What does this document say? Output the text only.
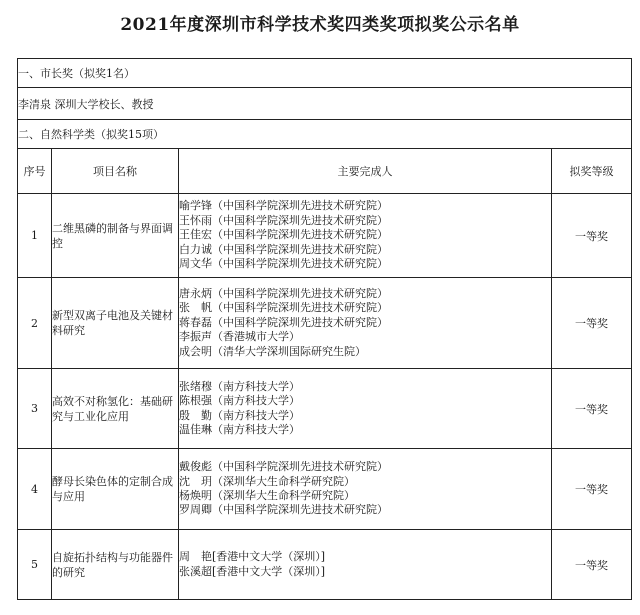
2021年度深圳市科学技术奖四类奖项拟奖公示名单
一、市长奖（拟奖1名）			
李清泉 深圳大学校长、教授			
二、自然科学类（拟奖15项）			
序号	项目名称	主要完成人	拟奖等级
1	二维黑磷的制备与界面调控	喻学锋（中国科学院深圳先进技术研究院）
王怀雨（中国科学院深圳先进技术研究院）
王佳宏（中国科学院深圳先进技术研究院）
白力诚（中国科学院深圳先进技术研究院）
周文华（中国科学院深圳先进技术研究院）	一等奖
2	新型双离子电池及关键材料研究	唐永炳（中国科学院深圳先进技术研究院）
张　帆（中国科学院深圳先进技术研究院）
蒋春磊（中国科学院深圳先进技术研究院）
李振声（香港城市大学）
成会明（清华大学深圳国际研究生院）	一等奖
3	高效不对称氢化：基础研究与工业化应用	张绪穆（南方科技大学）
陈根强（南方科技大学）
殷　勤（南方科技大学）
温佳琳（南方科技大学）	一等奖
4	酵母长染色体的定制合成与应用	戴俊彪（中国科学院深圳先进技术研究院）
沈　玥（深圳华大生命科学研究院）
杨焕明（深圳华大生命科学研究院）
罗周卿（中国科学院深圳先进技术研究院）	一等奖
5	自旋拓扑结构与功能器件的研究	周　艳[香港中文大学（深圳）]
张溪超[香港中文大学（深圳）]	一等奖
